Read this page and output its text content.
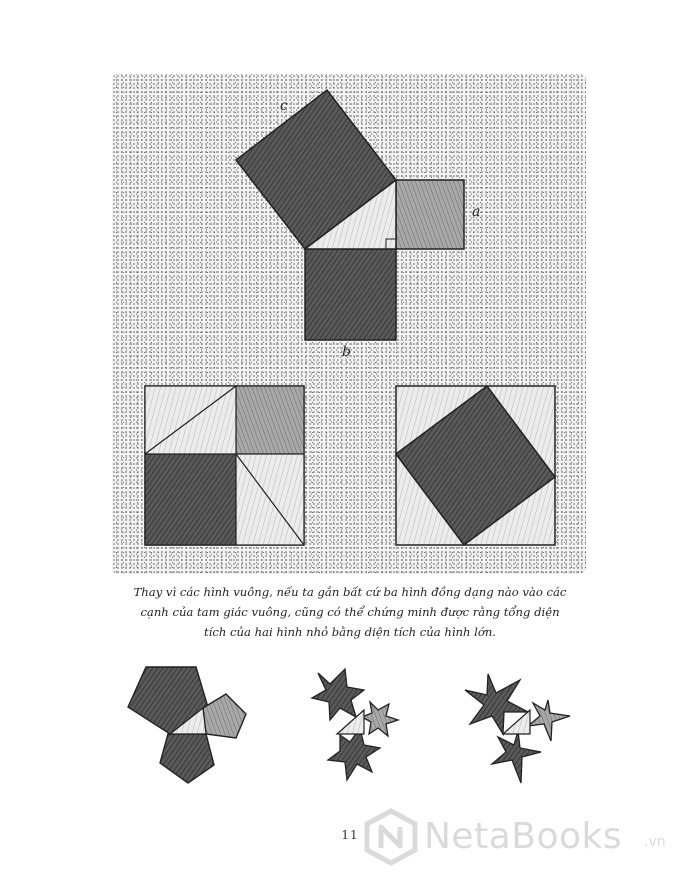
c
a
b
Thay vì các hình vuông, nếu ta gắn bất cứ ba hình đồng dạng nào vào các cạnh của tam giác vuông, cũng có thể chứng minh được rằng tổng diện tích của hai hình nhỏ bằng diện tích của hình lớn.
11	NetaBooks .vn
